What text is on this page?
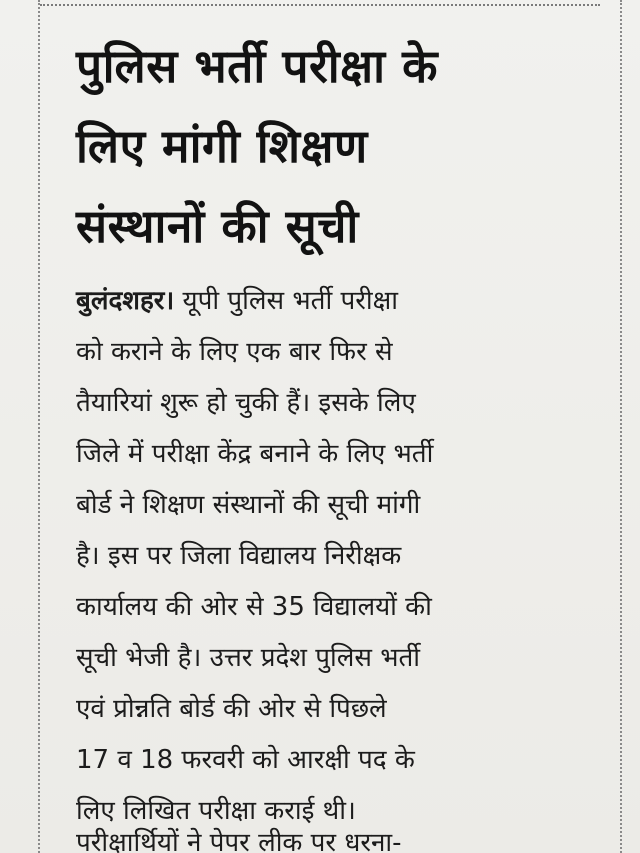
पुलिस भर्ती परीक्षा के
लिए मांगी शिक्षण
संस्थानों की सूची
बुलंदशहर। यूपी पुलिस भर्ती परीक्षा
को कराने के लिए एक बार फिर से
तैयारियां शुरू हो चुकी हैं। इसके लिए
जिले में परीक्षा केंद्र बनाने के लिए भर्ती
बोर्ड ने शिक्षण संस्थानों की सूची मांगी
है। इस पर जिला विद्यालय निरीक्षक
कार्यालय की ओर से 35 विद्यालयों की
सूची भेजी है। उत्तर प्रदेश पुलिस भर्ती
एवं प्रोन्नति बोर्ड की ओर से पिछले
17 व 18 फरवरी को आरक्षी पद के
लिए लिखित परीक्षा कराई थी।
परीक्षार्थियों ने पेपर लीक पर धरना-
